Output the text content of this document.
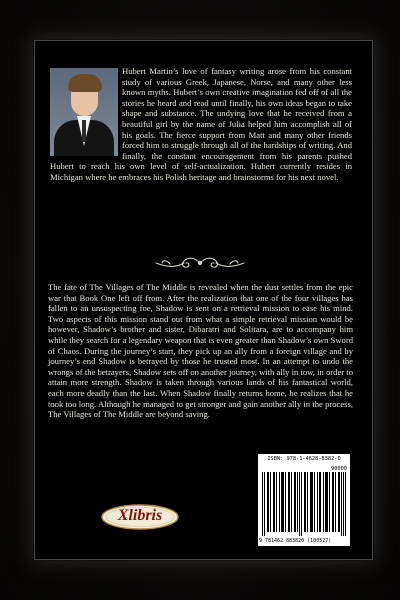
Hubert Martin’s love of fantasy writing arose from his constant study of various Greek, Japanese, Norse, and many other less known myths. Hubert’s own creative imagination fed off of all the stories he heard and read until finally, his own ideas began to take shape and substance. The undying love that he received from a beautiful girl by the name of Julia helped him accomplish all of his goals. The fierce support from Matt and many other friends forced him to struggle through all of the hardships of writing. And finally, the constant encouragement from his parents pushed Hubert to reach his own level of self-actualization. Hubert currently resides in Michigan where he embraces his Polish heritage and brainstorms for his next novel.
The fate of The Villages of The Middle is revealed when the dust settles from the epic war that Book One left off from. After the realization that one of the four villages has fallen to an unsuspecting foe, Shadow is sent on a retrieval mission to ease his mind. Two aspects of this mission stand out from what a simple retrieval mission would be however, Shadow’s brother and sister, Dibaratri and Solitara, are to accompany him while they search for a legendary weapon that is even greater than Shadow’s own Sword of Chaos. During the journey’s start, they pick up an ally from a foreign village and by journey’s end Shadow is betrayed by those he trusted most. In an attempt to undo the wrongs of the betrayers, Shadow sets off on another journey, with ally in tow, in order to attain more strength. Shadow is taken through various lands of his fantastical world, each more deadly than the last. When Shadow finally returns home, he realizes that he took too long. Although he managed to get stronger and gain another ally in the process, The Villages of The Middle are beyond saving.
Xlibris
ISBN: 978-1-4628-8382-0
90000
9 781462 883820 (100527)
